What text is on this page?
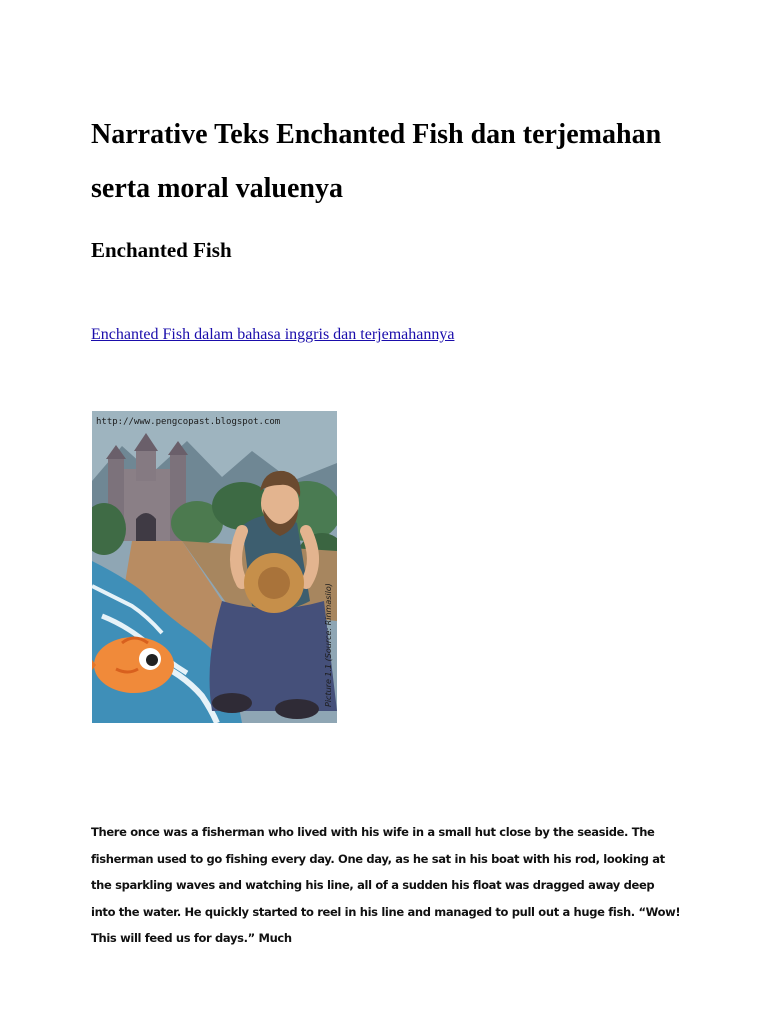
Narrative Teks Enchanted Fish dan terjemahan serta moral valuenya
Enchanted Fish
Enchanted Fish dalam bahasa inggris dan terjemahannya
http://www.pengcopast.blogspot.com
Picture 1.1 (Source: Rinmasilo)

There once was a fisherman who lived with his wife in a small hut close by the seaside. The fisherman used to go fishing every day. One day, as he sat in his boat with his rod, looking at the sparkling waves and watching his line, all of a sudden his float was dragged away deep into the water. He quickly started to reel in his line and managed to pull out a huge fish. “Wow! This will feed us for days.” Much
